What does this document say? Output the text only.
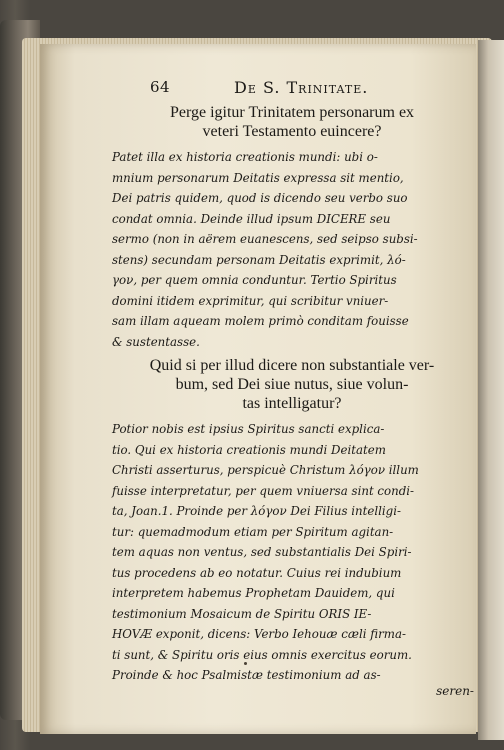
64	De S. Trinitate.
Perge igitur Trinitatem personarum ex
veteri Testamento euincere?
Patet illa ex historia creationis mundi: ubi o-
mnium personarum Deitatis expressa sit mentio,
Dei patris quidem, quod is dicendo seu verbo suo
condat omnia. Deinde illud ipsum DICERE seu
sermo (non in aërem euanescens, sed seipso subsi-
stens) secundam personam Deitatis exprimit, λό-
γον, per quem omnia conduntur. Tertio Spiritus
domini itidem exprimitur, qui scribitur vniuer-
sam illam aqueam molem primò conditam fouisse
& sustentasse.
Quid si per illud dicere non substantiale ver-
bum, sed Dei siue nutus, siue volun-
tas intelligatur?
Potior nobis est ipsius Spiritus sancti explica-
tio. Qui ex historia creationis mundi Deitatem
Christi asserturus, perspicuè Christum λόγον illum
fuisse interpretatur, per quem vniuersa sint condi-
ta, Joan.1. Proinde per λόγον Dei Filius intelligi-
tur: quemadmodum etiam per Spiritum agitan-
tem aquas non ventus, sed substantialis Dei Spiri-
tus procedens ab eo notatur. Cuius rei indubium
interpretem habemus Prophetam Dauidem, qui
testimonium Mosaicum de Spiritu ORIS IE-
HOVÆ exponit, dicens: Verbo Iehouæ cæli firma-
ti sunt, & Spiritu oris eius omnis exercitus eorum.
Proinde & hoc Psalmistæ testimonium ad as-
seren-
